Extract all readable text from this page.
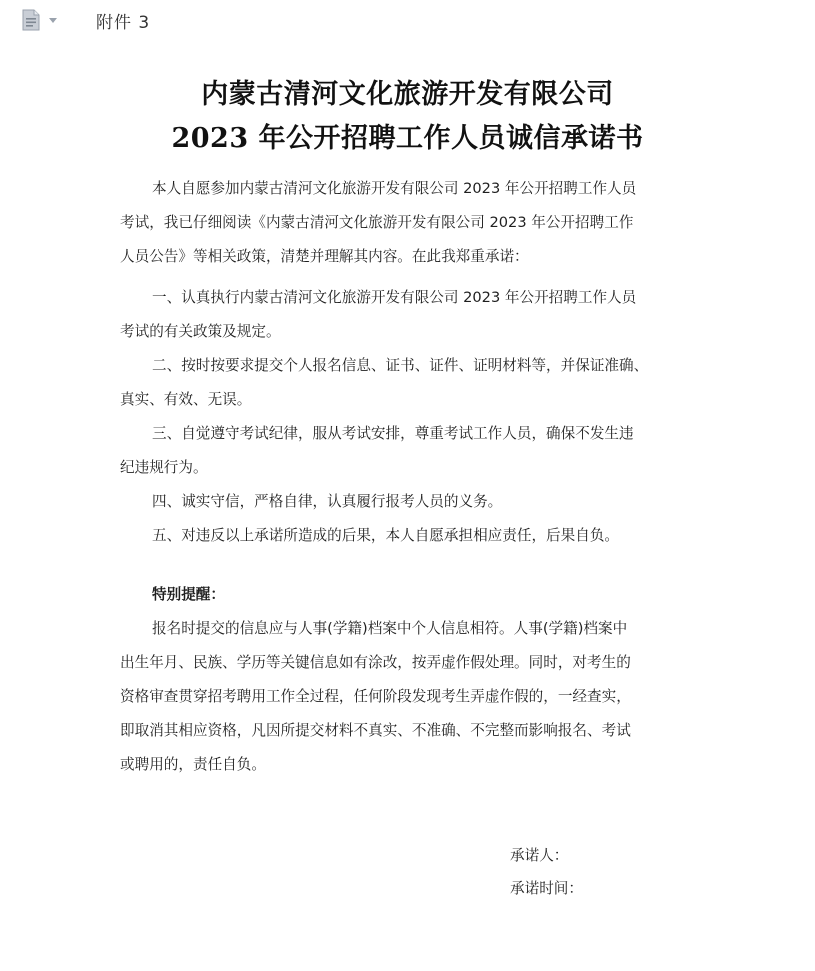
附件 3
内蒙古清河文化旅游开发有限公司
2023 年公开招聘工作人员诚信承诺书
本人自愿参加内蒙古清河文化旅游开发有限公司 2023 年公开招聘工作人员
考试，我已仔细阅读《内蒙古清河文化旅游开发有限公司 2023 年公开招聘工作
人员公告》等相关政策，清楚并理解其内容。在此我郑重承诺：
一、认真执行内蒙古清河文化旅游开发有限公司 2023 年公开招聘工作人员
考试的有关政策及规定。
二、按时按要求提交个人报名信息、证书、证件、证明材料等，并保证准确、
真实、有效、无误。
三、自觉遵守考试纪律，服从考试安排，尊重考试工作人员，确保不发生违
纪违规行为。
四、诚实守信，严格自律，认真履行报考人员的义务。
五、对违反以上承诺所造成的后果，本人自愿承担相应责任，后果自负。
特别提醒：
报名时提交的信息应与人事(学籍)档案中个人信息相符。人事(学籍)档案中
出生年月、民族、学历等关键信息如有涂改，按弄虚作假处理。同时，对考生的
资格审查贯穿招考聘用工作全过程，任何阶段发现考生弄虚作假的，一经查实，
即取消其相应资格，凡因所提交材料不真实、不准确、不完整而影响报名、考试
或聘用的，责任自负。
承诺人：
承诺时间：
